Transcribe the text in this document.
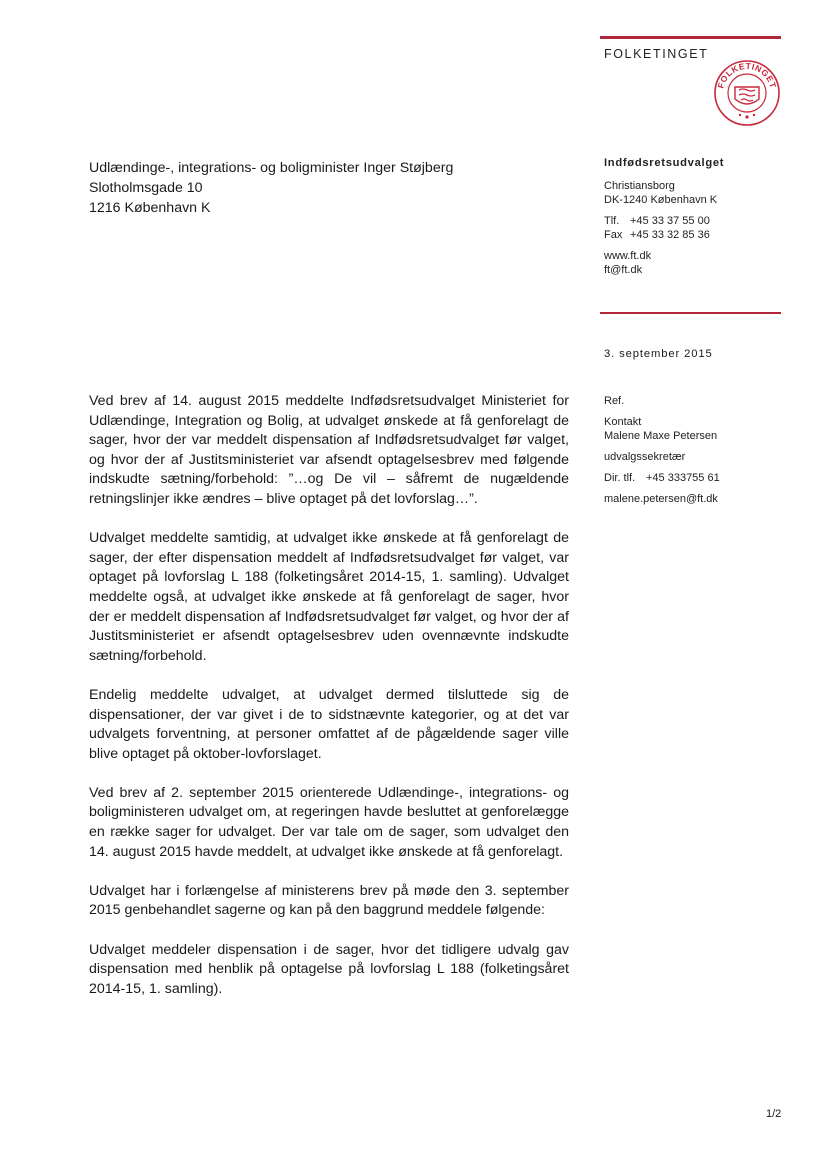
FOLKETINGET
FOLKETINGET
Udlændinge-, integrations- og boligminister Inger Støjberg
Slotholmsgade 10
1216 København K
Indfødsretsudvalget
Christiansborg
DK-1240 København K
Tlf. +45 33 37 55 00
Fax +45 33 32 85 36
www.ft.dk
ft@ft.dk
3. september 2015
Ref.
Kontakt
Malene Maxe Petersen
udvalgssekretær
Dir. tlf. +45 333755 61
malene.petersen@ft.dk

Ved brev af 14. august 2015 meddelte Indfødsretsudvalget Ministeriet for Udlændinge, Integration og Bolig, at udvalget ønskede at få genforelagt de sager, hvor der var meddelt dispensation af Indfødsretsudvalget før valget, og hvor der af Justitsministeriet var afsendt optagelsesbrev med følgende indskudte sætning/forbehold: ”…og De vil – såfremt de nugældende retningslinjer ikke ændres – blive optaget på det lovforslag…”.

Udvalget meddelte samtidig, at udvalget ikke ønskede at få genforelagt de sager, der efter dispensation meddelt af Indfødsretsudvalget før valget, var optaget på lovforslag L 188 (folketingsåret 2014-15, 1. samling). Udvalget meddelte også, at udvalget ikke ønskede at få genforelagt de sager, hvor der er meddelt dispensation af Indfødsretsudvalget før valget, og hvor der af Justitsministeriet er afsendt optagelsesbrev uden ovennævnte indskudte sætning/forbehold.

Endelig meddelte udvalget, at udvalget dermed tilsluttede sig de dispensationer, der var givet i de to sidstnævnte kategorier, og at det var udvalgets forventning, at personer omfattet af de pågældende sager ville blive optaget på oktober-lovforslaget.

Ved brev af 2. september 2015 orienterede Udlændinge-, integrations- og boligministeren udvalget om, at regeringen havde besluttet at genforelægge en række sager for udvalget. Der var tale om de sager, som udvalget den 14. august 2015 havde meddelt, at udvalget ikke ønskede at få genforelagt.

Udvalget har i forlængelse af ministerens brev på møde den 3. september 2015 genbehandlet sagerne og kan på den baggrund meddele følgende:

Udvalget meddeler dispensation i de sager, hvor det tidligere udvalg gav dispensation med henblik på optagelse på lovforslag L 188 (folketingsåret 2014-15, 1. samling).

1/2
